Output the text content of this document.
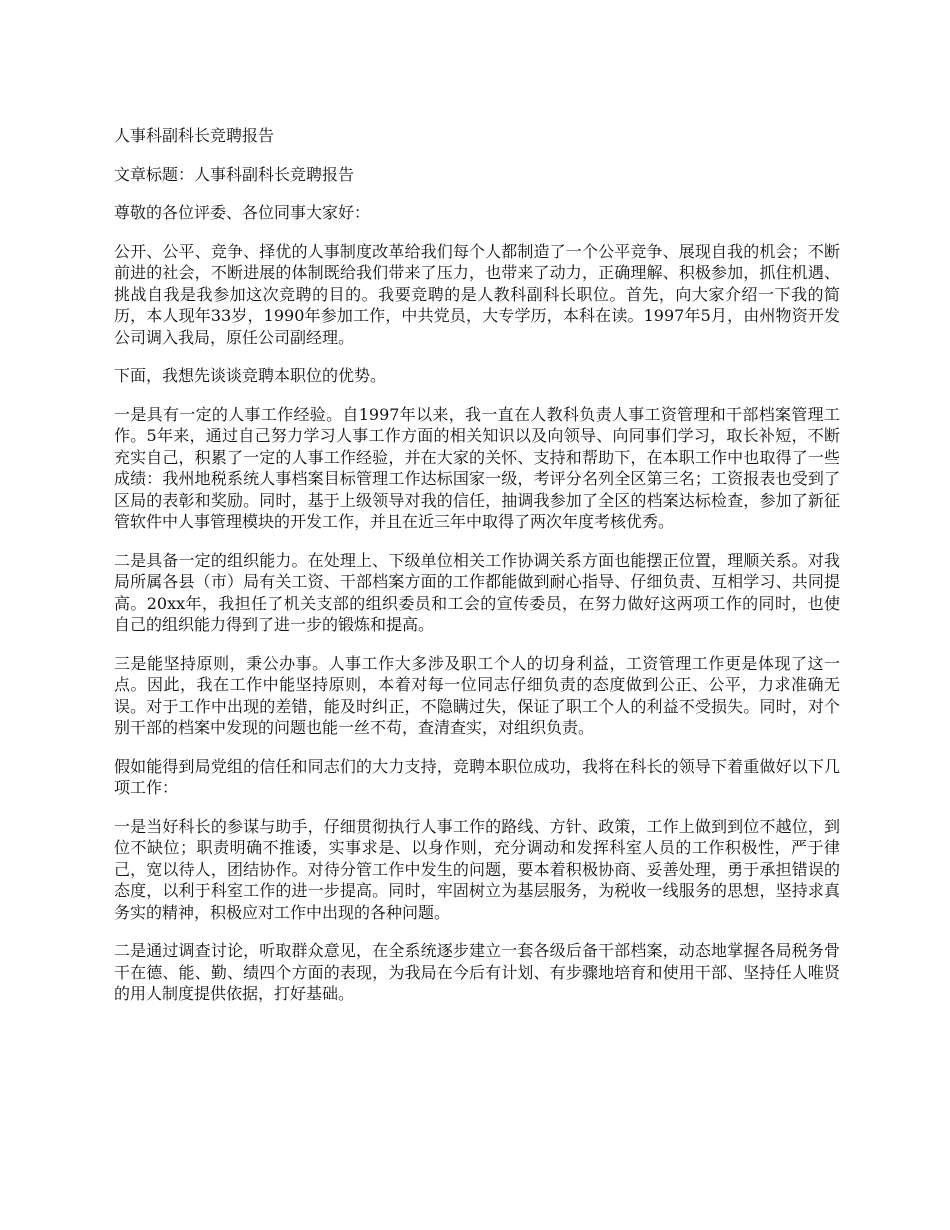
人事科副科长竞聘报告

文章标题：人事科副科长竞聘报告

尊敬的各位评委、各位同事大家好：

公开、公平、竞争、择优的人事制度改革给我们每个人都制造了一个公平竞争、展现自我的机会；不断前进的社会，不断进展的体制既给我们带来了压力，也带来了动力，正确理解、积极参加，抓住机遇、挑战自我是我参加这次竞聘的目的。我要竞聘的是人教科副科长职位。首先，向大家介绍一下我的简历，本人现年33岁，1990年参加工作，中共党员，大专学历，本科在读。1997年5月，由州物资开发公司调入我局，原任公司副经理。

下面，我想先谈谈竞聘本职位的优势。

一是具有一定的人事工作经验。自1997年以来，我一直在人教科负责人事工资管理和干部档案管理工作。5年来，通过自己努力学习人事工作方面的相关知识以及向领导、向同事们学习，取长补短，不断充实自己，积累了一定的人事工作经验，并在大家的关怀、支持和帮助下，在本职工作中也取得了一些成绩：我州地税系统人事档案目标管理工作达标国家一级，考评分名列全区第三名；工资报表也受到了区局的表彰和奖励。同时，基于上级领导对我的信任，抽调我参加了全区的档案达标检查，参加了新征管软件中人事管理模块的开发工作，并且在近三年中取得了两次年度考核优秀。

二是具备一定的组织能力。在处理上、下级单位相关工作协调关系方面也能摆正位置，理顺关系。对我局所属各县（市）局有关工资、干部档案方面的工作都能做到耐心指导、仔细负责、互相学习、共同提高。20xx年，我担任了机关支部的组织委员和工会的宣传委员，在努力做好这两项工作的同时，也使自己的组织能力得到了进一步的锻炼和提高。

三是能坚持原则，秉公办事。人事工作大多涉及职工个人的切身利益，工资管理工作更是体现了这一点。因此，我在工作中能坚持原则，本着对每一位同志仔细负责的态度做到公正、公平，力求准确无误。对于工作中出现的差错，能及时纠正，不隐瞒过失，保证了职工个人的利益不受损失。同时，对个别干部的档案中发现的问题也能一丝不苟，查清查实，对组织负责。

假如能得到局党组的信任和同志们的大力支持，竞聘本职位成功，我将在科长的领导下着重做好以下几项工作：

一是当好科长的参谋与助手，仔细贯彻执行人事工作的路线、方针、政策，工作上做到到位不越位，到位不缺位；职责明确不推诿，实事求是、以身作则，充分调动和发挥科室人员的工作积极性，严于律己，宽以待人，团结协作。对待分管工作中发生的问题，要本着积极协商、妥善处理，勇于承担错误的态度，以利于科室工作的进一步提高。同时，牢固树立为基层服务，为税收一线服务的思想，坚持求真务实的精神，积极应对工作中出现的各种问题。

二是通过调查讨论，听取群众意见，在全系统逐步建立一套各级后备干部档案，动态地掌握各局税务骨干在德、能、勤、绩四个方面的表现，为我局在今后有计划、有步骤地培育和使用干部、坚持任人唯贤的用人制度提供依据，打好基础。
